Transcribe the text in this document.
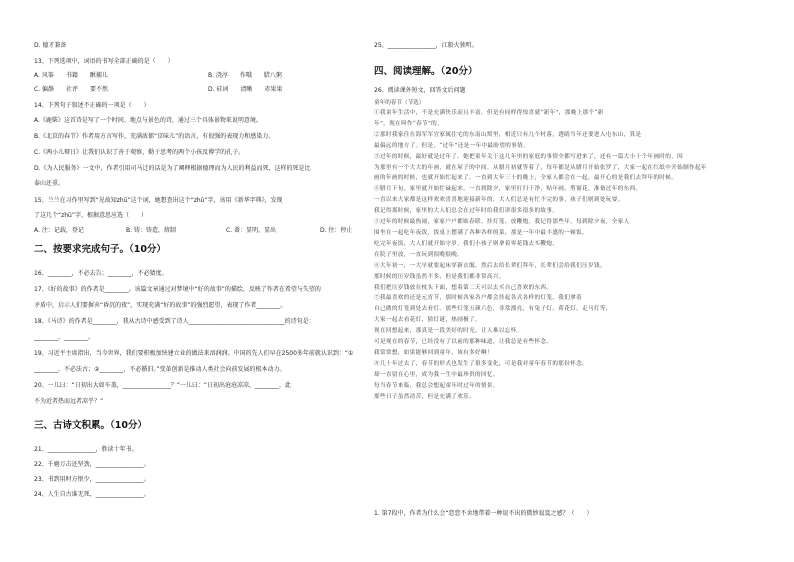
D. 德才兼备
13、下列选项中，词语的书写全部正确的是（　　）
A. 风筝　　书籍　　瞅捕儿	B. 浇淳　　作哦　　腊八粥
C. 偏静　　社评　　要不然	D. 硅词　　清晰　　赤果果
14、下列句子叙述不正确的一项是（　　）
A.《鹿柴》这首诗是写了一个时间、地点与景色的诗，通过三个具体景物来说明意境。
B.《北京的春节》作者用方言写作，充满浓郁“京味儿”的语言，有很强的表现力和感染力。
C.《两小儿辩日》让我们认识了善于观察，勤于思考的两个小孩及博学的孔子。
D.《为人民服务》一文中，作者引用司马迁的话是为了阐释根据德理而为人民的利益而死，这样的死是比
泰山还重。
15、兰兰在习作里写到“见故知zhū”这个词，她想查出这个“zhū”字，该用《新华字典》，发现
了这几个“zhū”字，根据意思应选（　　）
A. 注：记载，登记	B. 铸：铸造，熔制	C. 著：显明，显出	D. 住：停止
二、按要求完成句子。（10分）
16、________，不必去告；________，不必猜度。
17、《好的故事》的作者是________。该篇文章通过对梦境中“好的故事”的描绘，反映了作者在希望与失望的
矛盾中，启示人们要摒弃“昏沉的夜”，实现充满“好的故事”的强烈愿望，表现了作者________。
18、《马诗》的作者是________，我从古诗中感受到了诗人________________________________的诗句是：
________，________。
19、习近平主席指出，当今世界，我们要积极加快建立业的做法来溶润润。中国的先人们早在2500多年前就认识到：“①
________，不必法古；②________，不必循旧。”变革创新是推动人类社会向前发展的根本动力。
20、一儿曰：“日初出大如车盖，________________？”一儿曰：“日初出沧沧凉凉，________，此
不为近者热而远者凉乎？”
三、古诗文积累。（10分）
21、________________，胜读十年书。
22、千磨万击还坚劲，________________。
23、书到用时方恨少，________________。
24、人生自古谁无死，________________。
25、________________，江船火独明。
四、阅读理解。（20分）
26、阅读课外短文，回答文后问题
童年的春节（节选）

①我童年生活中，不是充满快乐而且丰富，但是有同样得惊喜就“新年”，那晚上那个“新

年”，现在叫作“春节”的。

②那时我家住在海军军官家属住宅的东南山窝里，相近只有几个村落，透睛当年还要进入屯东山，算是

最偏远的地方了。但是，“过年”还是一年中最盼望的事情。

③过年的时候，最好就是过年了。她把童年关于这几年里的家庭的事情全都写进来了，还有一篇大小十个年画时的，因

为那里有一个大大的年画，就在屋子的中间。从腊月初就等着了，每年都是从腊月开始张罗了，大家一起在红纸中开始制作起年

画的年画的时候，也就开始忙起来了。一直到大年三十的晚上，全家人都会在一起，最开心的是我们去拜年的时候。

④腊月下旬，家里就开始忙碌起来，一直到除夕，家里打扫干净，贴年画、剪窗花，准备过年的东西。

一直以来大家都是这样欢欢喜喜地迎接新年的，大人们总是有忙不完的事，孩子们则到处玩耍。

我记得那时候，家里的大人们总会在过年时给我们讲很多很多的故事。

⑤过年的时候最热闹，家家户户都贴春联、挂灯笼、放鞭炮。我记得那些年，每到除夕夜，全家人

围坐在一起吃年夜饭，饭桌上摆满了各种各样的菜，那是一年中最丰盛的一顿饭。

吃完年夜饭，大人们就开始守岁，我们小孩子则拿着零花钱去买鞭炮，

在院子里放，一直玩到很晚很晚。

⑥大年初一，一大早就要起床穿新衣服，然后去给长辈们拜年，长辈们会给我们压岁钱。

那时候的压岁钱虽然不多，但是我们都非常高兴。

我们把压岁钱放在枕头下面，想着第二天可以去买自己喜欢的东西。

⑦我最喜欢的还是元宵节，那时候各家各户都会挂起各式各样的灯笼，我们拿着

自己做的灯笼到处去看灯。那些灯笼五颜六色，非常漂亮，有兔子灯、荷花灯、走马灯等，

大家一起去看花灯、猜灯谜，热闹极了。

现在回想起来，那真是一段美好的时光，让人难以忘怀。

可是现在的春节，已经没有了以前的那种味道，让我总是有些怀念。

我常常想，如果能够回到童年，该有多好啊！

⑧几十年过去了，春节的形式也发生了很多变化，可是我对童年春节的那份怀念，

却一直留在心里，成为我一生中最珍贵的回忆。

每当春节来临，我总会想起童年时过年的情景。

那些日子虽然清苦，但是充满了欢乐。

1. 第7段中，作者为什么会“恋恋不舍地带着一种说不出的微妙寂寞之感？（　　）
